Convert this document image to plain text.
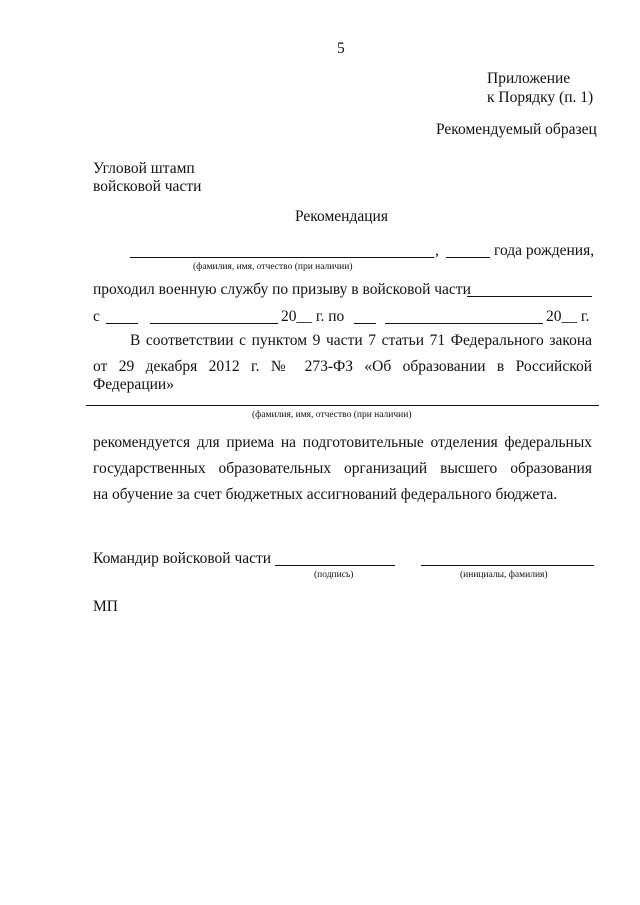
5
Приложение
к Порядку (п. 1)
Рекомендуемый образец
Угловой штамп
войсковой части
Рекомендация
,	года рождения,
(фамилия, имя, отчество (при наличии)
проходил военную службу по призыву в войсковой части
с	20__ г. по	20__ г.
В соответствии с пунктом 9 части 7 статьи 71 Федерального закона
от 29 декабря 2012 г. № 273-ФЗ «Об образовании в Российской Федерации»
(фамилия, имя, отчество (при наличии)
рекомендуется для приема на подготовительные отделения федеральных
государственных образовательных организаций высшего образования
на обучение за счет бюджетных ассигнований федерального бюджета.
Командир войсковой части
(подпись)	(инициалы, фамилия)
МП
